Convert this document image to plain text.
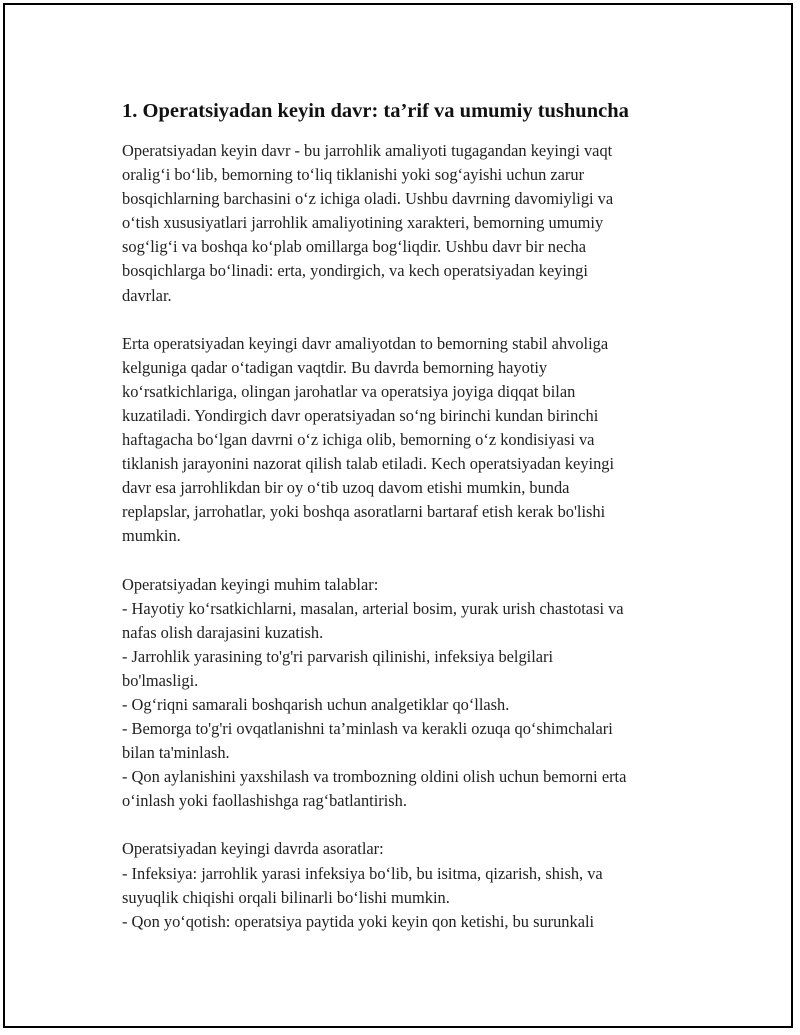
1. Operatsiyadan keyin davr: ta’rif va umumiy tushuncha
Operatsiyadan keyin davr - bu jarrohlik amaliyoti tugagandan keyingi vaqt
oralig‘i bo‘lib, bemorning to‘liq tiklanishi yoki sog‘ayishi uchun zarur
bosqichlarning barchasini o‘z ichiga oladi. Ushbu davrning davomiyligi va
o‘tish xususiyatlari jarrohlik amaliyotining xarakteri, bemorning umumiy
sog‘lig‘i va boshqa ko‘plab omillarga bog‘liqdir. Ushbu davr bir necha
bosqichlarga bo‘linadi: erta, yondirgich, va kech operatsiyadan keyingi
davrlar.
Erta operatsiyadan keyingi davr amaliyotdan to bemorning stabil ahvoliga
kelguniga qadar o‘tadigan vaqtdir. Bu davrda bemorning hayotiy
ko‘rsatkichlariga, olingan jarohatlar va operatsiya joyiga diqqat bilan
kuzatiladi. Yondirgich davr operatsiyadan so‘ng birinchi kundan birinchi
haftagacha bo‘lgan davrni o‘z ichiga olib, bemorning o‘z kondisiyasi va
tiklanish jarayonini nazorat qilish talab etiladi. Kech operatsiyadan keyingi
davr esa jarrohlikdan bir oy o‘tib uzoq davom etishi mumkin, bunda
replapslar, jarrohatlar, yoki boshqa asoratlarni bartaraf etish kerak bo'lishi
mumkin.
Operatsiyadan keyingi muhim talablar:
- Hayotiy ko‘rsatkichlarni, masalan, arterial bosim, yurak urish chastotasi va
nafas olish darajasini kuzatish.
- Jarrohlik yarasining to'g'ri parvarish qilinishi, infeksiya belgilari
bo'lmasligi.
- Og‘riqni samarali boshqarish uchun analgetiklar qo‘llash.
- Bemorga to'g'ri ovqatlanishni ta’minlash va kerakli ozuqa qo‘shimchalari
bilan ta'minlash.
- Qon aylanishini yaxshilash va trombozning oldini olish uchun bemorni erta
o‘inlash yoki faollashishga rag‘batlantirish.
Operatsiyadan keyingi davrda asoratlar:
- Infeksiya: jarrohlik yarasi infeksiya bo‘lib, bu isitma, qizarish, shish, va
suyuqlik chiqishi orqali bilinarli bo‘lishi mumkin.
- Qon yo‘qotish: operatsiya paytida yoki keyin qon ketishi, bu surunkali
